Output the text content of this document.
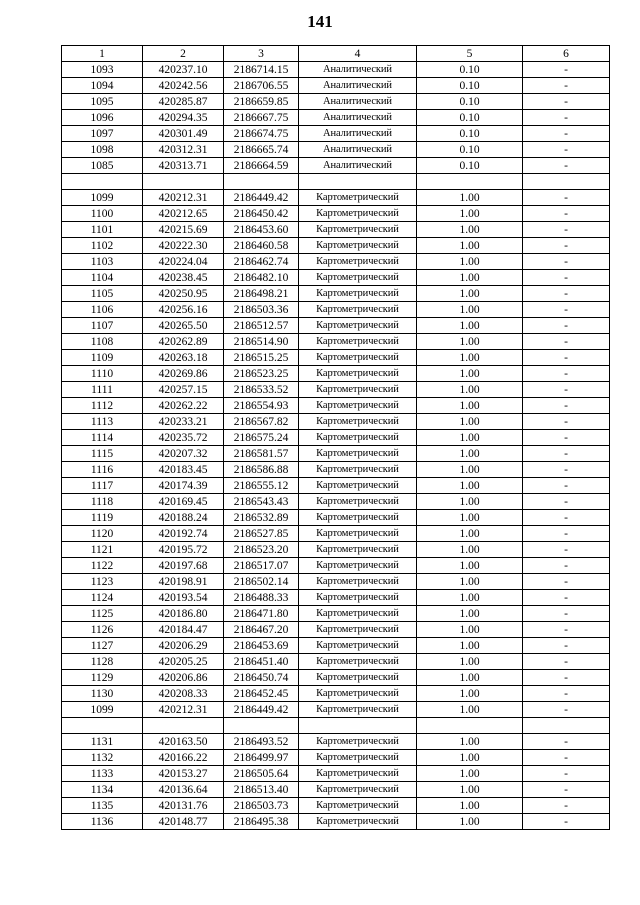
141
1	2	3	4	5	6
1093	420237.10	2186714.15	Аналитический	0.10	-
1094	420242.56	2186706.55	Аналитический	0.10	-
1095	420285.87	2186659.85	Аналитический	0.10	-
1096	420294.35	2186667.75	Аналитический	0.10	-
1097	420301.49	2186674.75	Аналитический	0.10	-
1098	420312.31	2186665.74	Аналитический	0.10	-
1085	420313.71	2186664.59	Аналитический	0.10	-

1099	420212.31	2186449.42	Картометрический	1.00	-
1100	420212.65	2186450.42	Картометрический	1.00	-
1101	420215.69	2186453.60	Картометрический	1.00	-
1102	420222.30	2186460.58	Картометрический	1.00	-
1103	420224.04	2186462.74	Картометрический	1.00	-
1104	420238.45	2186482.10	Картометрический	1.00	-
1105	420250.95	2186498.21	Картометрический	1.00	-
1106	420256.16	2186503.36	Картометрический	1.00	-
1107	420265.50	2186512.57	Картометрический	1.00	-
1108	420262.89	2186514.90	Картометрический	1.00	-
1109	420263.18	2186515.25	Картометрический	1.00	-
1110	420269.86	2186523.25	Картометрический	1.00	-
1111	420257.15	2186533.52	Картометрический	1.00	-
1112	420262.22	2186554.93	Картометрический	1.00	-
1113	420233.21	2186567.82	Картометрический	1.00	-
1114	420235.72	2186575.24	Картометрический	1.00	-
1115	420207.32	2186581.57	Картометрический	1.00	-
1116	420183.45	2186586.88	Картометрический	1.00	-
1117	420174.39	2186555.12	Картометрический	1.00	-
1118	420169.45	2186543.43	Картометрический	1.00	-
1119	420188.24	2186532.89	Картометрический	1.00	-
1120	420192.74	2186527.85	Картометрический	1.00	-
1121	420195.72	2186523.20	Картометрический	1.00	-
1122	420197.68	2186517.07	Картометрический	1.00	-
1123	420198.91	2186502.14	Картометрический	1.00	-
1124	420193.54	2186488.33	Картометрический	1.00	-
1125	420186.80	2186471.80	Картометрический	1.00	-
1126	420184.47	2186467.20	Картометрический	1.00	-
1127	420206.29	2186453.69	Картометрический	1.00	-
1128	420205.25	2186451.40	Картометрический	1.00	-
1129	420206.86	2186450.74	Картометрический	1.00	-
1130	420208.33	2186452.45	Картометрический	1.00	-
1099	420212.31	2186449.42	Картометрический	1.00	-

1131	420163.50	2186493.52	Картометрический	1.00	-
1132	420166.22	2186499.97	Картометрический	1.00	-
1133	420153.27	2186505.64	Картометрический	1.00	-
1134	420136.64	2186513.40	Картометрический	1.00	-
1135	420131.76	2186503.73	Картометрический	1.00	-
1136	420148.77	2186495.38	Картометрический	1.00	-
